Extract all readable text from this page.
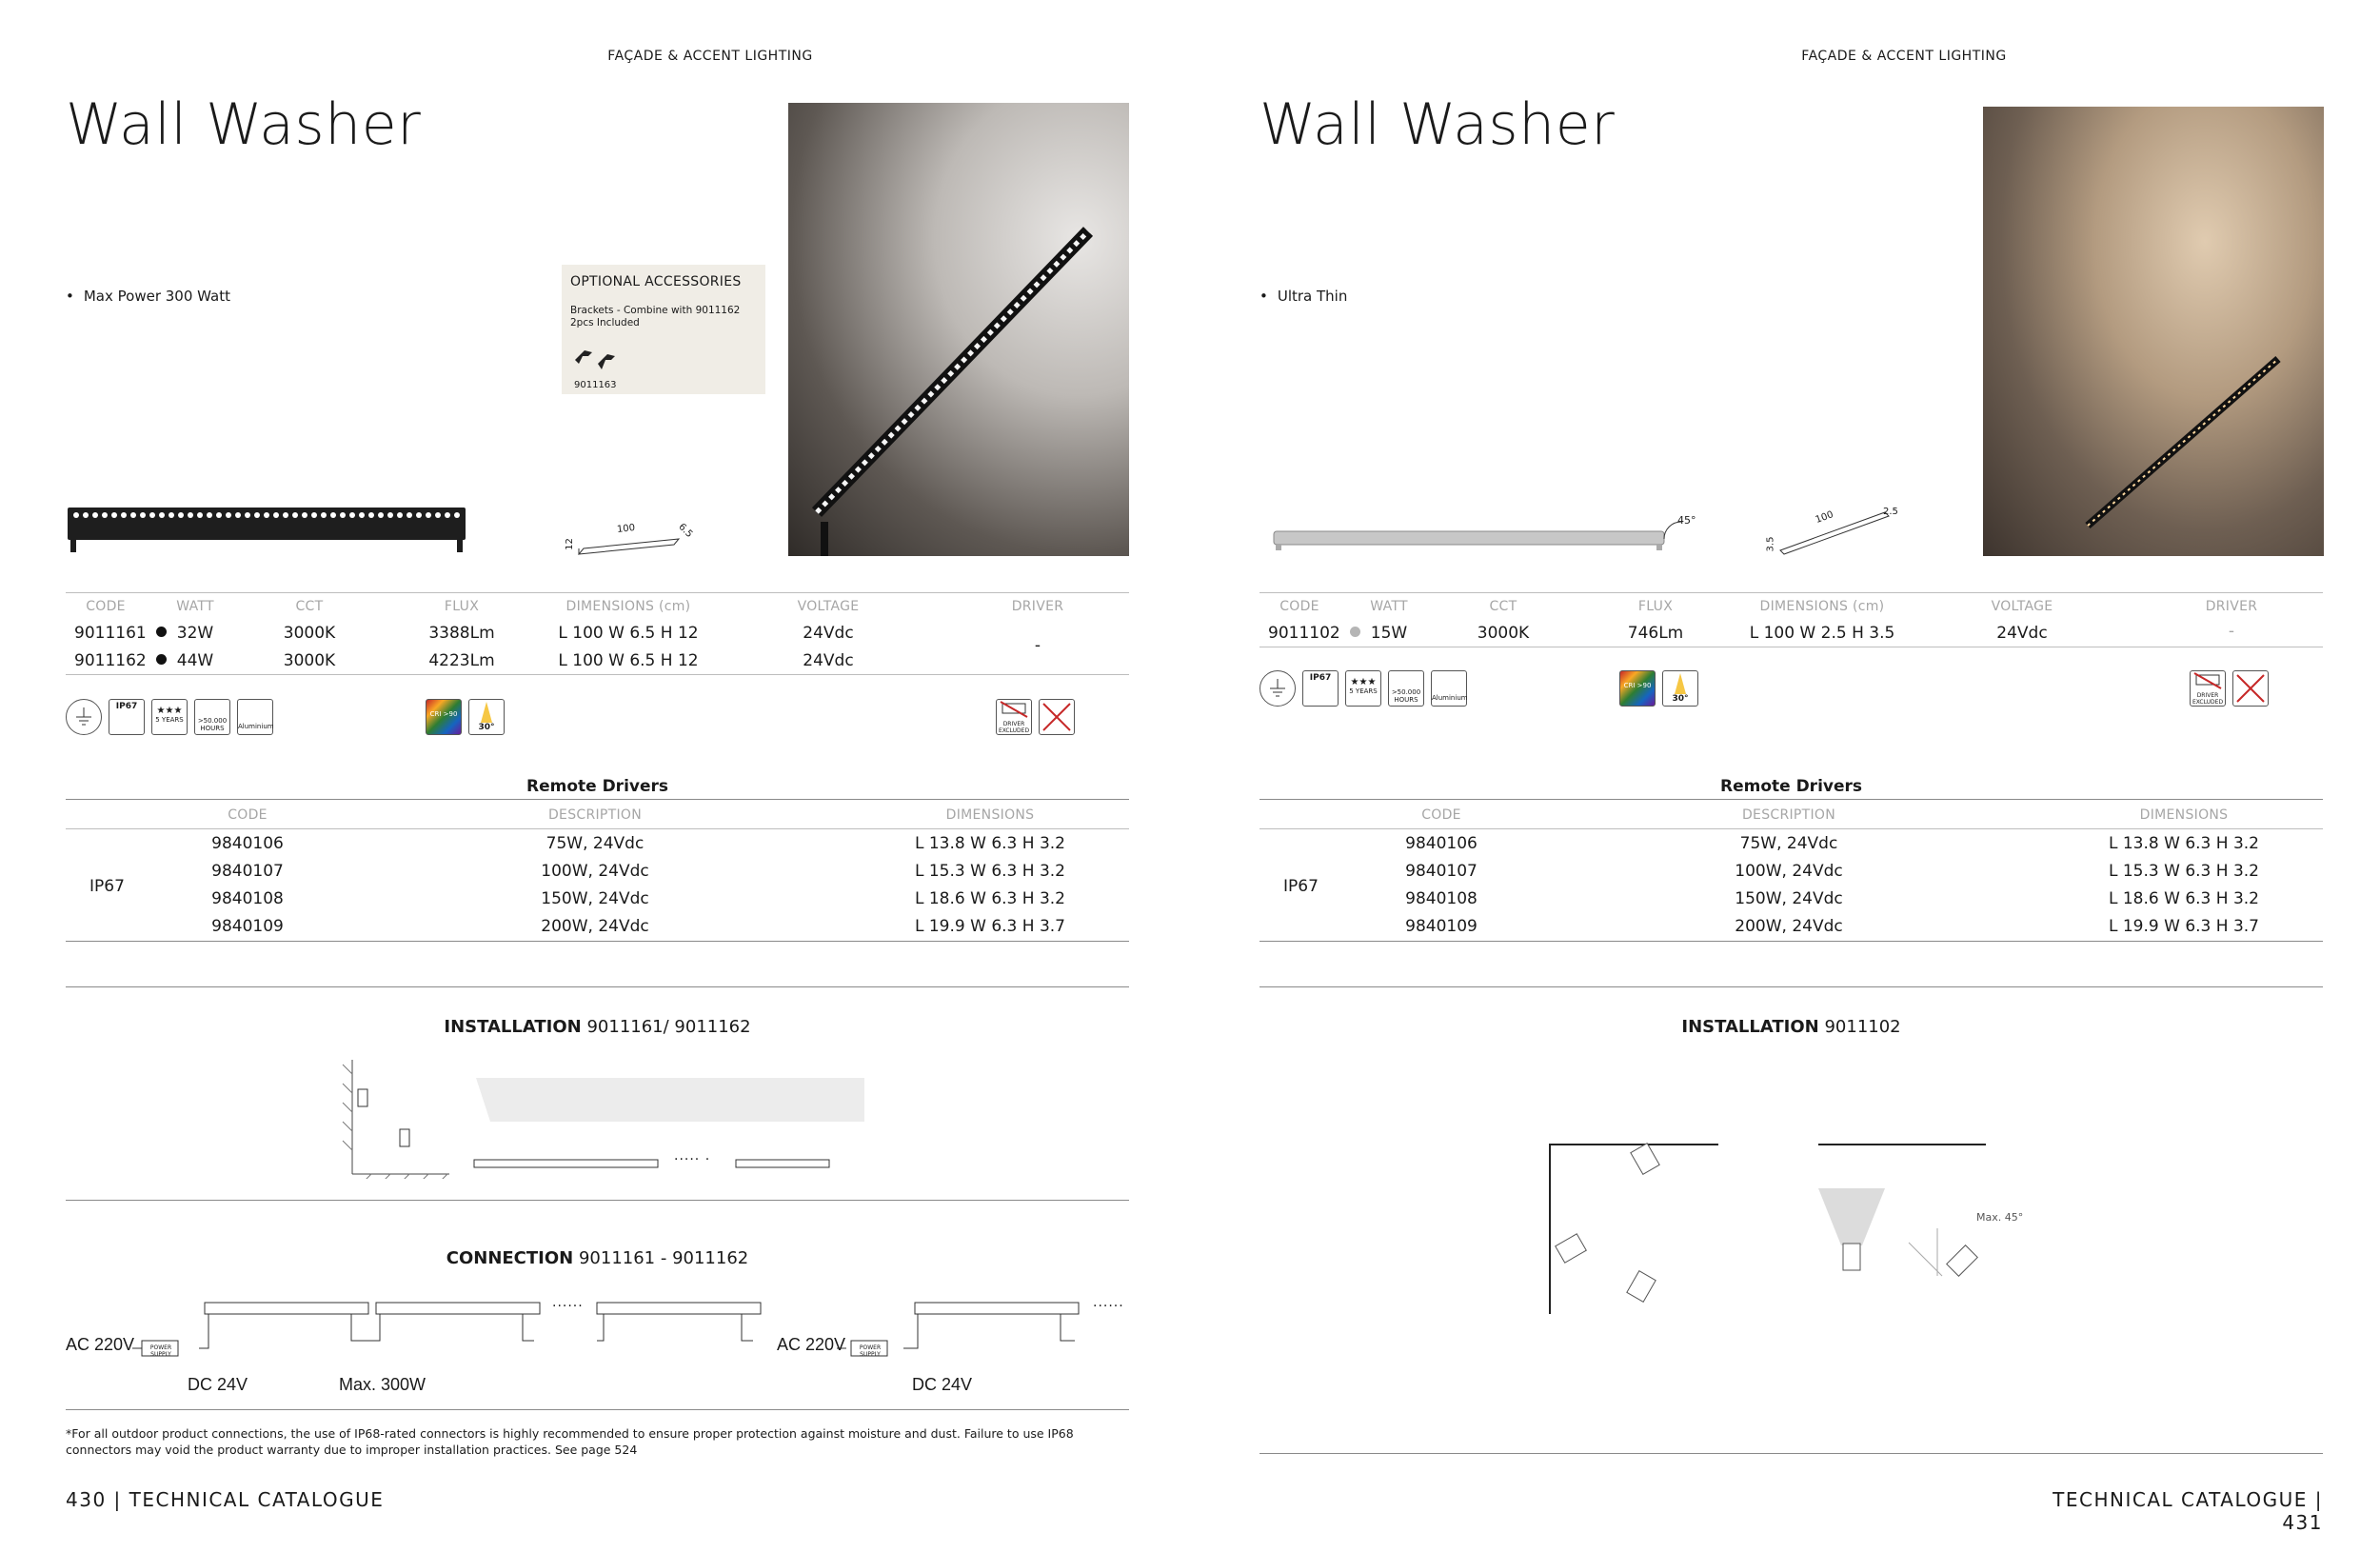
FAÇADE & ACCENT LIGHTING
Wall Washer
• Max Power 300 Watt
OPTIONAL ACCESSORIES
Brackets - Combine with 9011162 2pcs Included
9011163
100	6.5
12
CODE	WATT	CCT	FLUX	DIMENSIONS (cm)	VOLTAGE	DRIVER
9011161	32W	3000K	3388Lm	L 100 W 6.5 H 12	24Vdc
9011162	44W	3000K	4223Lm	L 100 W 6.5 H 12	24Vdc
-
IP67	★★★
5 YEARS	>50.000 HOURS	Aluminium
CRI >90
30°	DRIVER EXCLUDED
Remote Drivers
CODE	DESCRIPTION	DIMENSIONS
IP67
9840106	75W, 24Vdc	L 13.8 W 6.3 H 3.2
9840107	100W, 24Vdc	L 15.3 W 6.3 H 3.2
9840108	150W, 24Vdc	L 18.6 W 6.3 H 3.2
9840109	200W, 24Vdc	L 19.9 W 6.3 H 3.7
INSTALLATION 9011161/ 9011162
····· ·
CONNECTION 9011161 - 9011162
AC 220V	POWER SUPPLY
DC 24V	Max. 300W
······
AC 220V	POWER SUPPLY
DC 24V
······
*For all outdoor product connections, the use of IP68-rated connectors is highly recommended to ensure proper protection against moisture and dust. Failure to use IP68 connectors may void the product warranty due to improper installation practices. See page 524
430 | TECHNICAL CATALOGUE
FAÇADE & ACCENT LIGHTING
Wall Washer
• Ultra Thin
45°	100	2.5
3.5
CODE	WATT	CCT	FLUX	DIMENSIONS (cm)	VOLTAGE	DRIVER
9011102	15W	3000K	746Lm	L 100 W 2.5 H 3.5	24Vdc	-
IP67	★★★
5 YEARS	>50.000 HOURS	Aluminium
CRI >90
30°	DRIVER EXCLUDED
Remote Drivers
CODE	DESCRIPTION	DIMENSIONS
IP67
9840106	75W, 24Vdc	L 13.8 W 6.3 H 3.2
9840107	100W, 24Vdc	L 15.3 W 6.3 H 3.2
9840108	150W, 24Vdc	L 18.6 W 6.3 H 3.2
9840109	200W, 24Vdc	L 19.9 W 6.3 H 3.7
INSTALLATION 9011102
Max. 45°
TECHNICAL CATALOGUE | 431
